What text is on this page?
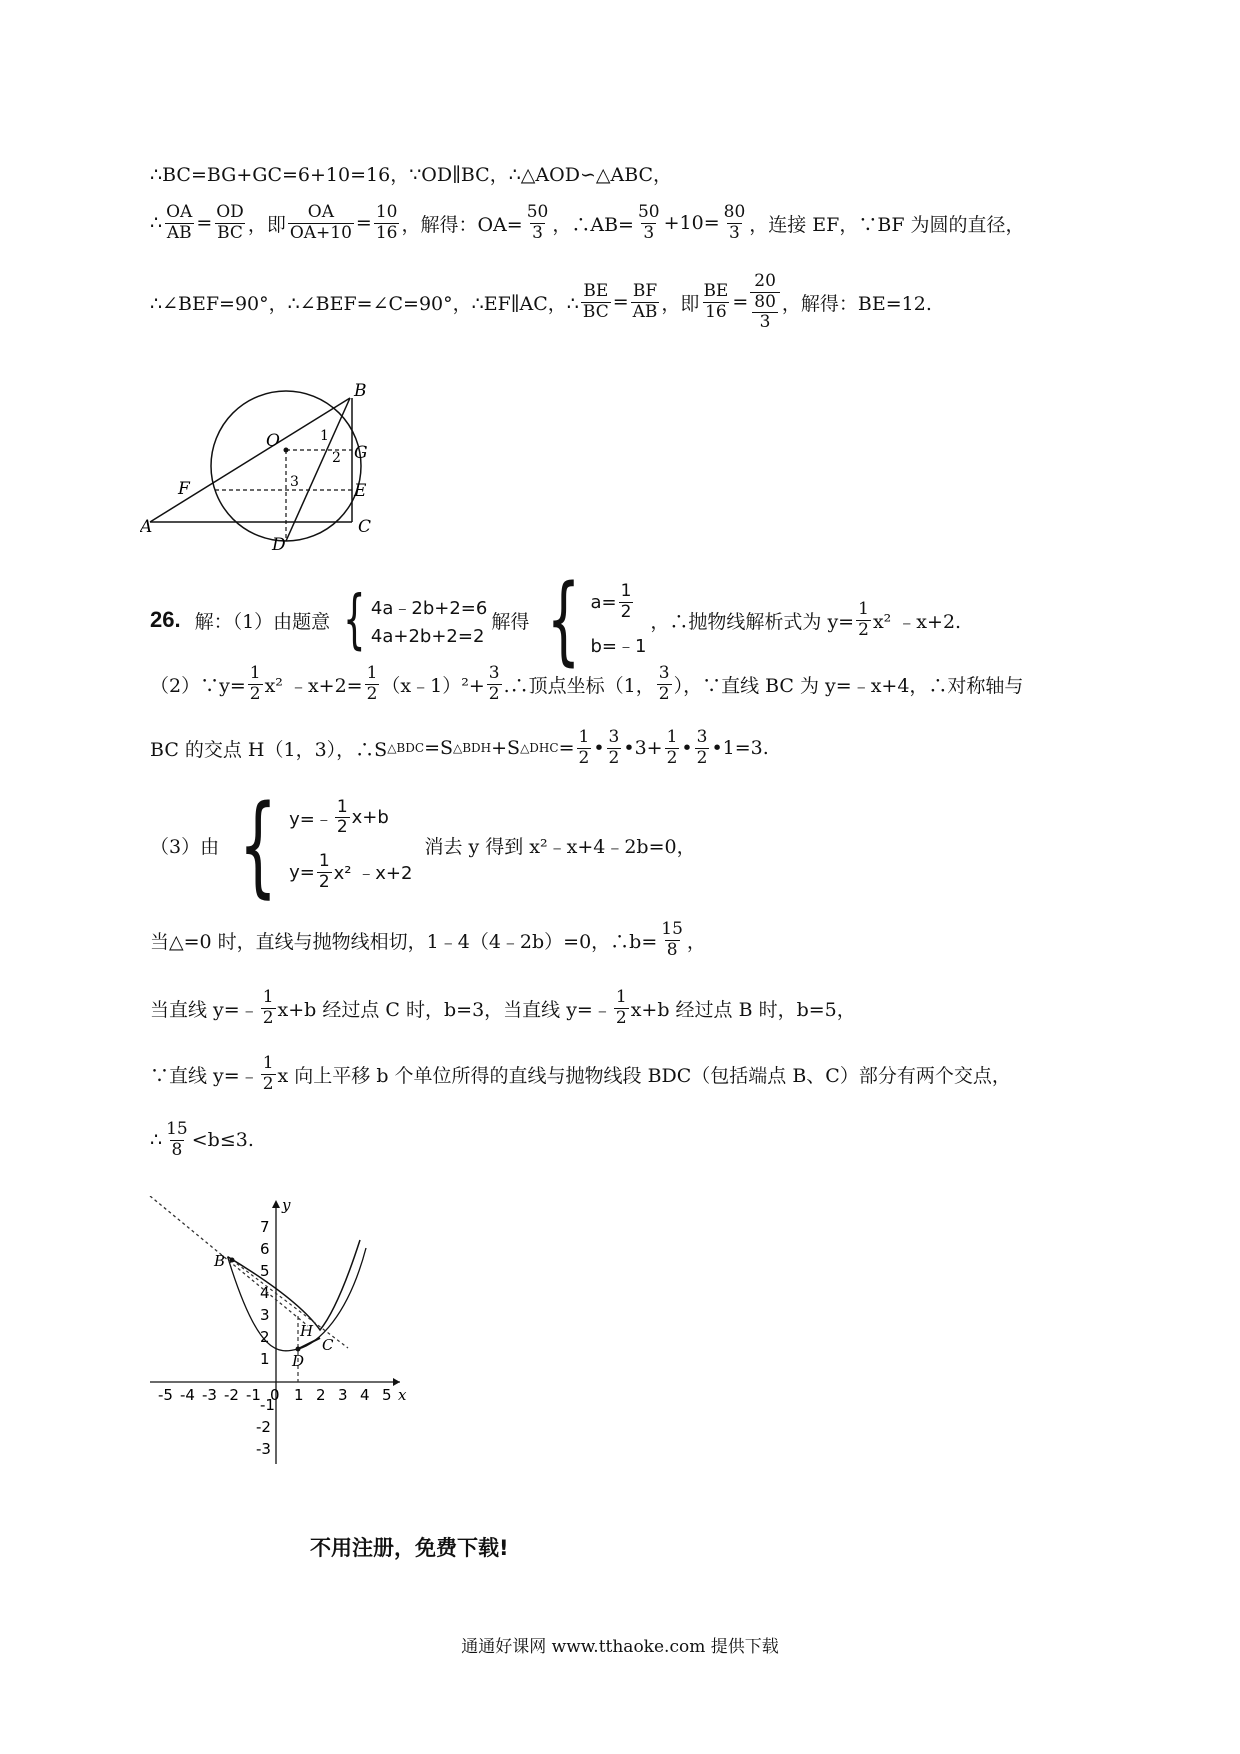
∴BC=BG+GC=6+10=16，∵OD∥BC，∴△AOD∽△ABC，
∴ $\frac{OA}{AB} = \frac{OD}{BC}$ ，即 $\frac{OA}{OA+10} = \frac{10}{16}$ ，解得：$OA= \frac{50}{3}$ ，∴AB= $\frac{50}{3} +10= \frac{80}{3}$ ，连接 EF，∵BF 为圆的直径，
∴∠BEF=90°，∴∠BEF=∠C=90°，∴EF∥AC，∴ $\frac{BE}{BC} = \frac{BF}{AB}$ ，即 $\frac{BE}{16} = 20$
80
3 ，解得：BE=12.
B
O	1
2 G
F	3	E
A
D
C
26. 解：（1）由题意 { 4a﹣2b+2=6
4a+2b+2=2
解得 { $a= \frac{1}{2}$
b=﹣1
，∴抛物线解析式为 $y= \frac{1}{2} x^2$ ﹣x+2.
（2）∵y= $\frac{1}{2} x^2$ ﹣x+2= $\frac{1}{2}$ （x﹣1）²+ $\frac{3}{2}$ .∴顶点坐标（1， $\frac{3}{2}$ ），∵直线 BC 为 y=﹣x+4，∴对称轴与
BC 的交点 H（1，3），∴S △BDC =S △BDH +S △DHC = $\frac{1}{2}$ • $\frac{3}{2}$ •3+ $\frac{1}{2}$ • $\frac{3}{2}$ •1=3.
（3）由 { y=﹣ $\frac{1}{2} x+b$
$y= \frac{1}{2} x^2$ ﹣x+2
消去 y 得到 x²﹣x+4﹣2b=0，
当△=0 时，直线与抛物线相切，1﹣4（4﹣2b）=0，∴b= $\frac{15}{8}$ ，
当直线 y=﹣ $\frac{1}{2} x+b$ 经过点 C 时，b=3，当直线 y=﹣ $\frac{1}{2} x+b$ 经过点 B 时，b=5，
∵直线 y=﹣ $\frac{1}{2}$ x 向上平移 b 个单位所得的直线与抛物线段 BDC（包括端点 B、C）部分有两个交点，
∴ $\frac{15}{8} <b\le 3$.
y
x
7
6
5
4
3
2
1
-1
-2
-3
-5 -4 -3 -2 -1 0 1 2 3 4 5
B
H
C
D
不用注册，免费下载!
通通好课网 www.tthaoke.com 提供下载
